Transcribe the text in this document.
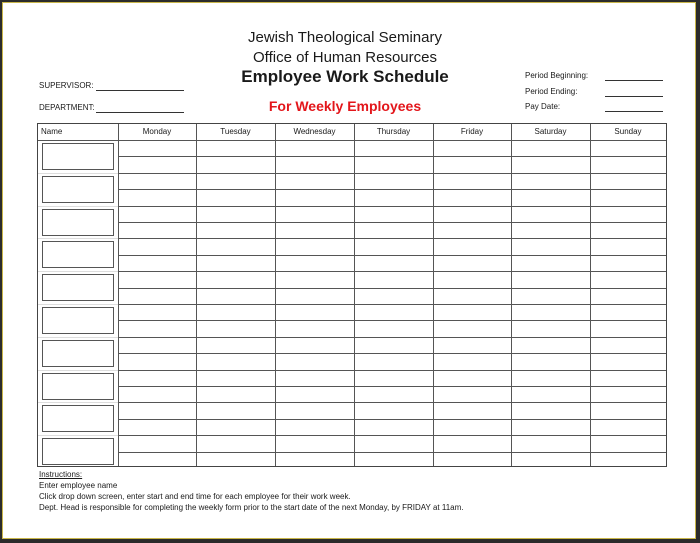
Jewish Theological Seminary
Office of Human Resources
Employee Work Schedule
For Weekly Employees
SUPERVISOR:
DEPARTMENT:
Period Beginning:
Period Ending:
Pay Date:
Name	Monday	Tuesday	Wednesday	Thursday	Friday	Saturday	Sunday
Instructions:
Enter employee name
Click drop down screen, enter start and end time for each employee for their work week.
Dept. Head is responsible for completing the weekly form prior to the start date of the next Monday, by FRIDAY at 11am.
